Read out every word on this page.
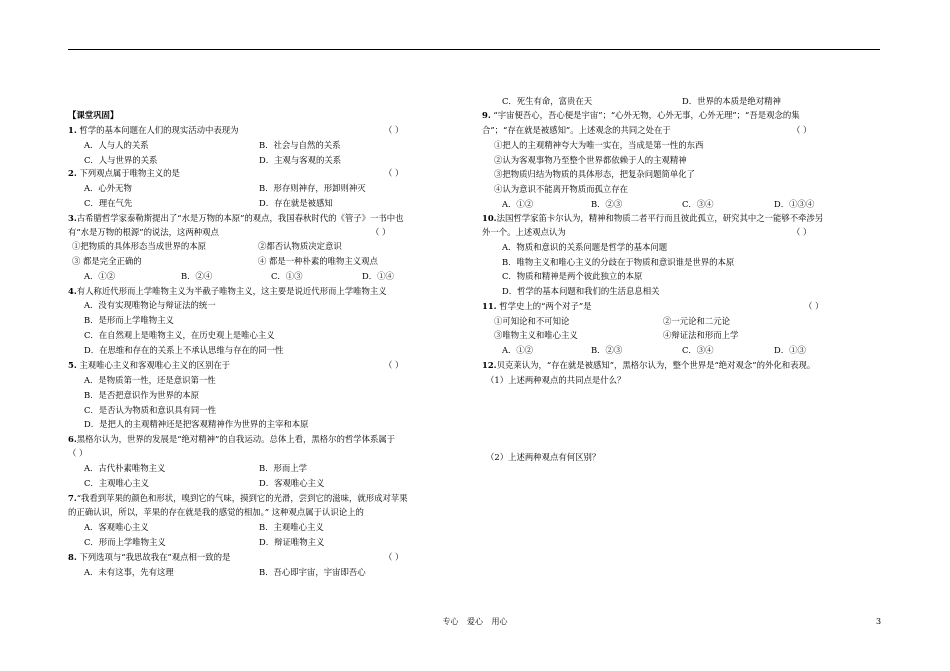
【课堂巩固】
1. 哲学的基本问题在人们的现实活动中表现为	（ ）
A．人与人的关系	B．社会与自然的关系
C．人与世界的关系	D．主观与客观的关系
2. 下列观点属于唯物主义的是	（ ）
A．心外无物	B．形存则神存，形卸则神灭
C．理在气先	D．存在就是被感知
3.古希腊哲学家泰勒斯提出了“水是万物的本原”的观点，我国春秋时代的《管子》一书中也
有“水是万物的根源”的说法，这两种观点	（ ）
①把物质的具体形态当成世界的本原	②都否认物质决定意识
③ 都是完全正确的	④ 都是一种朴素的唯物主义观点
A．①②	B．②④	C．①③	D．①④
4.有人称近代形而上学唯物主义为半截子唯物主义，这主要是说近代形而上学唯物主义
A．没有实现唯物论与辩证法的统一
B．是形而上学唯物主义
C．在自然观上是唯物主义，在历史观上是唯心主义
D．在思维和存在的关系上不承认思维与存在的同一性
5. 主观唯心主义和客观唯心主义的区别在于	（ ）
A．是物质第一性，还是意识第一性
B．是否把意识作为世界的本原
C．是否认为物质和意识具有同一性
D．是把人的主观精神还是把客观精神作为世界的主宰和本原
6.黑格尔认为，世界的发展是“绝对精神”的自我运动。总体上看，黑格尔的哲学体系属于
（ ）
A．古代朴素唯物主义	B．形而上学
C．主观唯心主义	D．客观唯心主义
7.“我看到苹果的颜色和形状，嗅到它的气味，摸到它的光滑，尝到它的滋味，就形成对苹果
的正确认识，所以，苹果的存在就是我的感觉的相加。” 这种观点属于认识论上的
A．客观唯心主义	B．主观唯心主义
C．形而上学唯物主义	D．辩证唯物主义
8. 下列选项与“我思故我在”观点相一致的是	（ ）
A．未有这事，先有这理	B．吾心即宇宙，宇宙即吾心
C．死生有命，富贵在天	D．世界的本质是绝对精神
9. “宇宙便吾心，吾心便是宇宙”；“心外无物，心外无事，心外无理”；“吾是观念的集
合”；“存在就是被感知”。上述观念的共同之处在于	（ ）
①把人的主观精神夸大为唯一实在，当成是第一性的东西
②认为客观事物乃至整个世界都依赖于人的主观精神
③把物质归结为物质的具体形态，把复杂问题简单化了
④认为意识不能离开物质而孤立存在
A．①②	B．②③	C．③④	D．①③④
10.法国哲学家笛卡尔认为，精神和物质二者平行而且彼此孤立，研究其中之一能够不牵涉另
外一个。上述观点认为	（ ）
A．物质和意识的关系问题是哲学的基本问题
B．唯物主义和唯心主义的分歧在于物质和意识谁是世界的本原
C．物质和精神是两个彼此独立的本原
D．哲学的基本问题和我们的生活息息相关
11. 哲学史上的“两个对子”是	（ ）
①可知论和不可知论	②一元论和二元论
③唯物主义和唯心主义	④辩证法和形而上学
A．①②	B．②③	C．③④	D．①③
12.贝克莱认为，“存在就是被感知”，黑格尔认为，整个世界是“绝对观念”的外化和表现。
（1）上述两种观点的共同点是什么？
（2）上述两种观点有何区别？
专心 爱心 用心	3
